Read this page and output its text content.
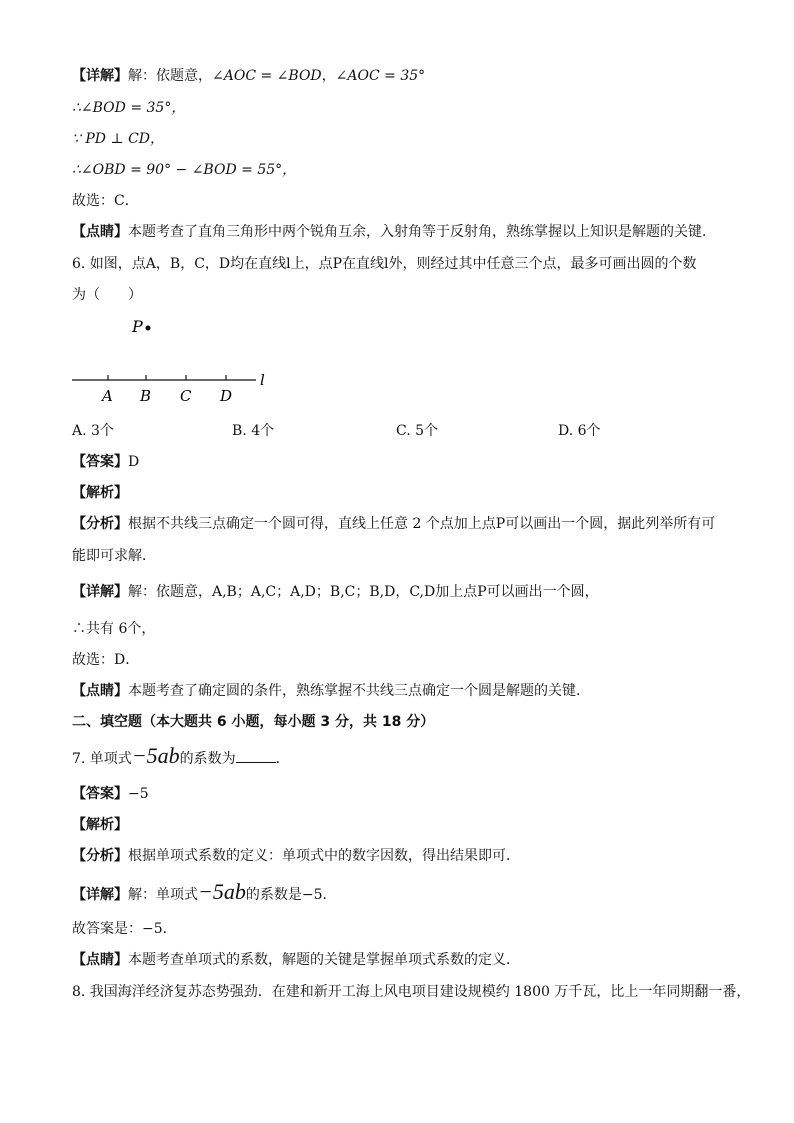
【详解】解：依题意，∠AOC = ∠BOD，∠AOC = 35°
∴∠BOD = 35°，
∵ PD ⊥ CD，
∴∠OBD = 90° − ∠BOD = 55°，
故选：C．
【点睛】本题考查了直角三角形中两个锐角互余，入射角等于反射角，熟练掌握以上知识是解题的关键．
6. 如图，点A，B，C，D均在直线l上，点P在直线l外，则经过其中任意三个点，最多可画出圆的个数
为（　　）
P
l
A B C D
A. 3个	B. 4个	C. 5个	D. 6个
【答案】D
【解析】
【分析】根据不共线三点确定一个圆可得，直线上任意 2 个点加上点P可以画出一个圆，据此列举所有可
能即可求解．
【详解】解：依题意，A,B；A,C；A,D；B,C；B,D，C,D加上点P可以画出一个圆，
∴共有 6个，
故选：D．
【点睛】本题考查了确定圆的条件，熟练掌握不共线三点确定一个圆是解题的关键．
二、填空题（本大题共 6 小题，每小题 3 分，共 18 分）
7. 单项式−5ab的系数为	．
【答案】−5
【解析】
【分析】根据单项式系数的定义：单项式中的数字因数，得出结果即可．
【详解】解：单项式−5ab的系数是−5．
故答案是：−5．
【点睛】本题考查单项式的系数，解题的关键是掌握单项式系数的定义．
8. 我国海洋经济复苏态势强劲．在建和新开工海上风电项目建设规模约 1800 万千瓦，比上一年同期翻一番，
